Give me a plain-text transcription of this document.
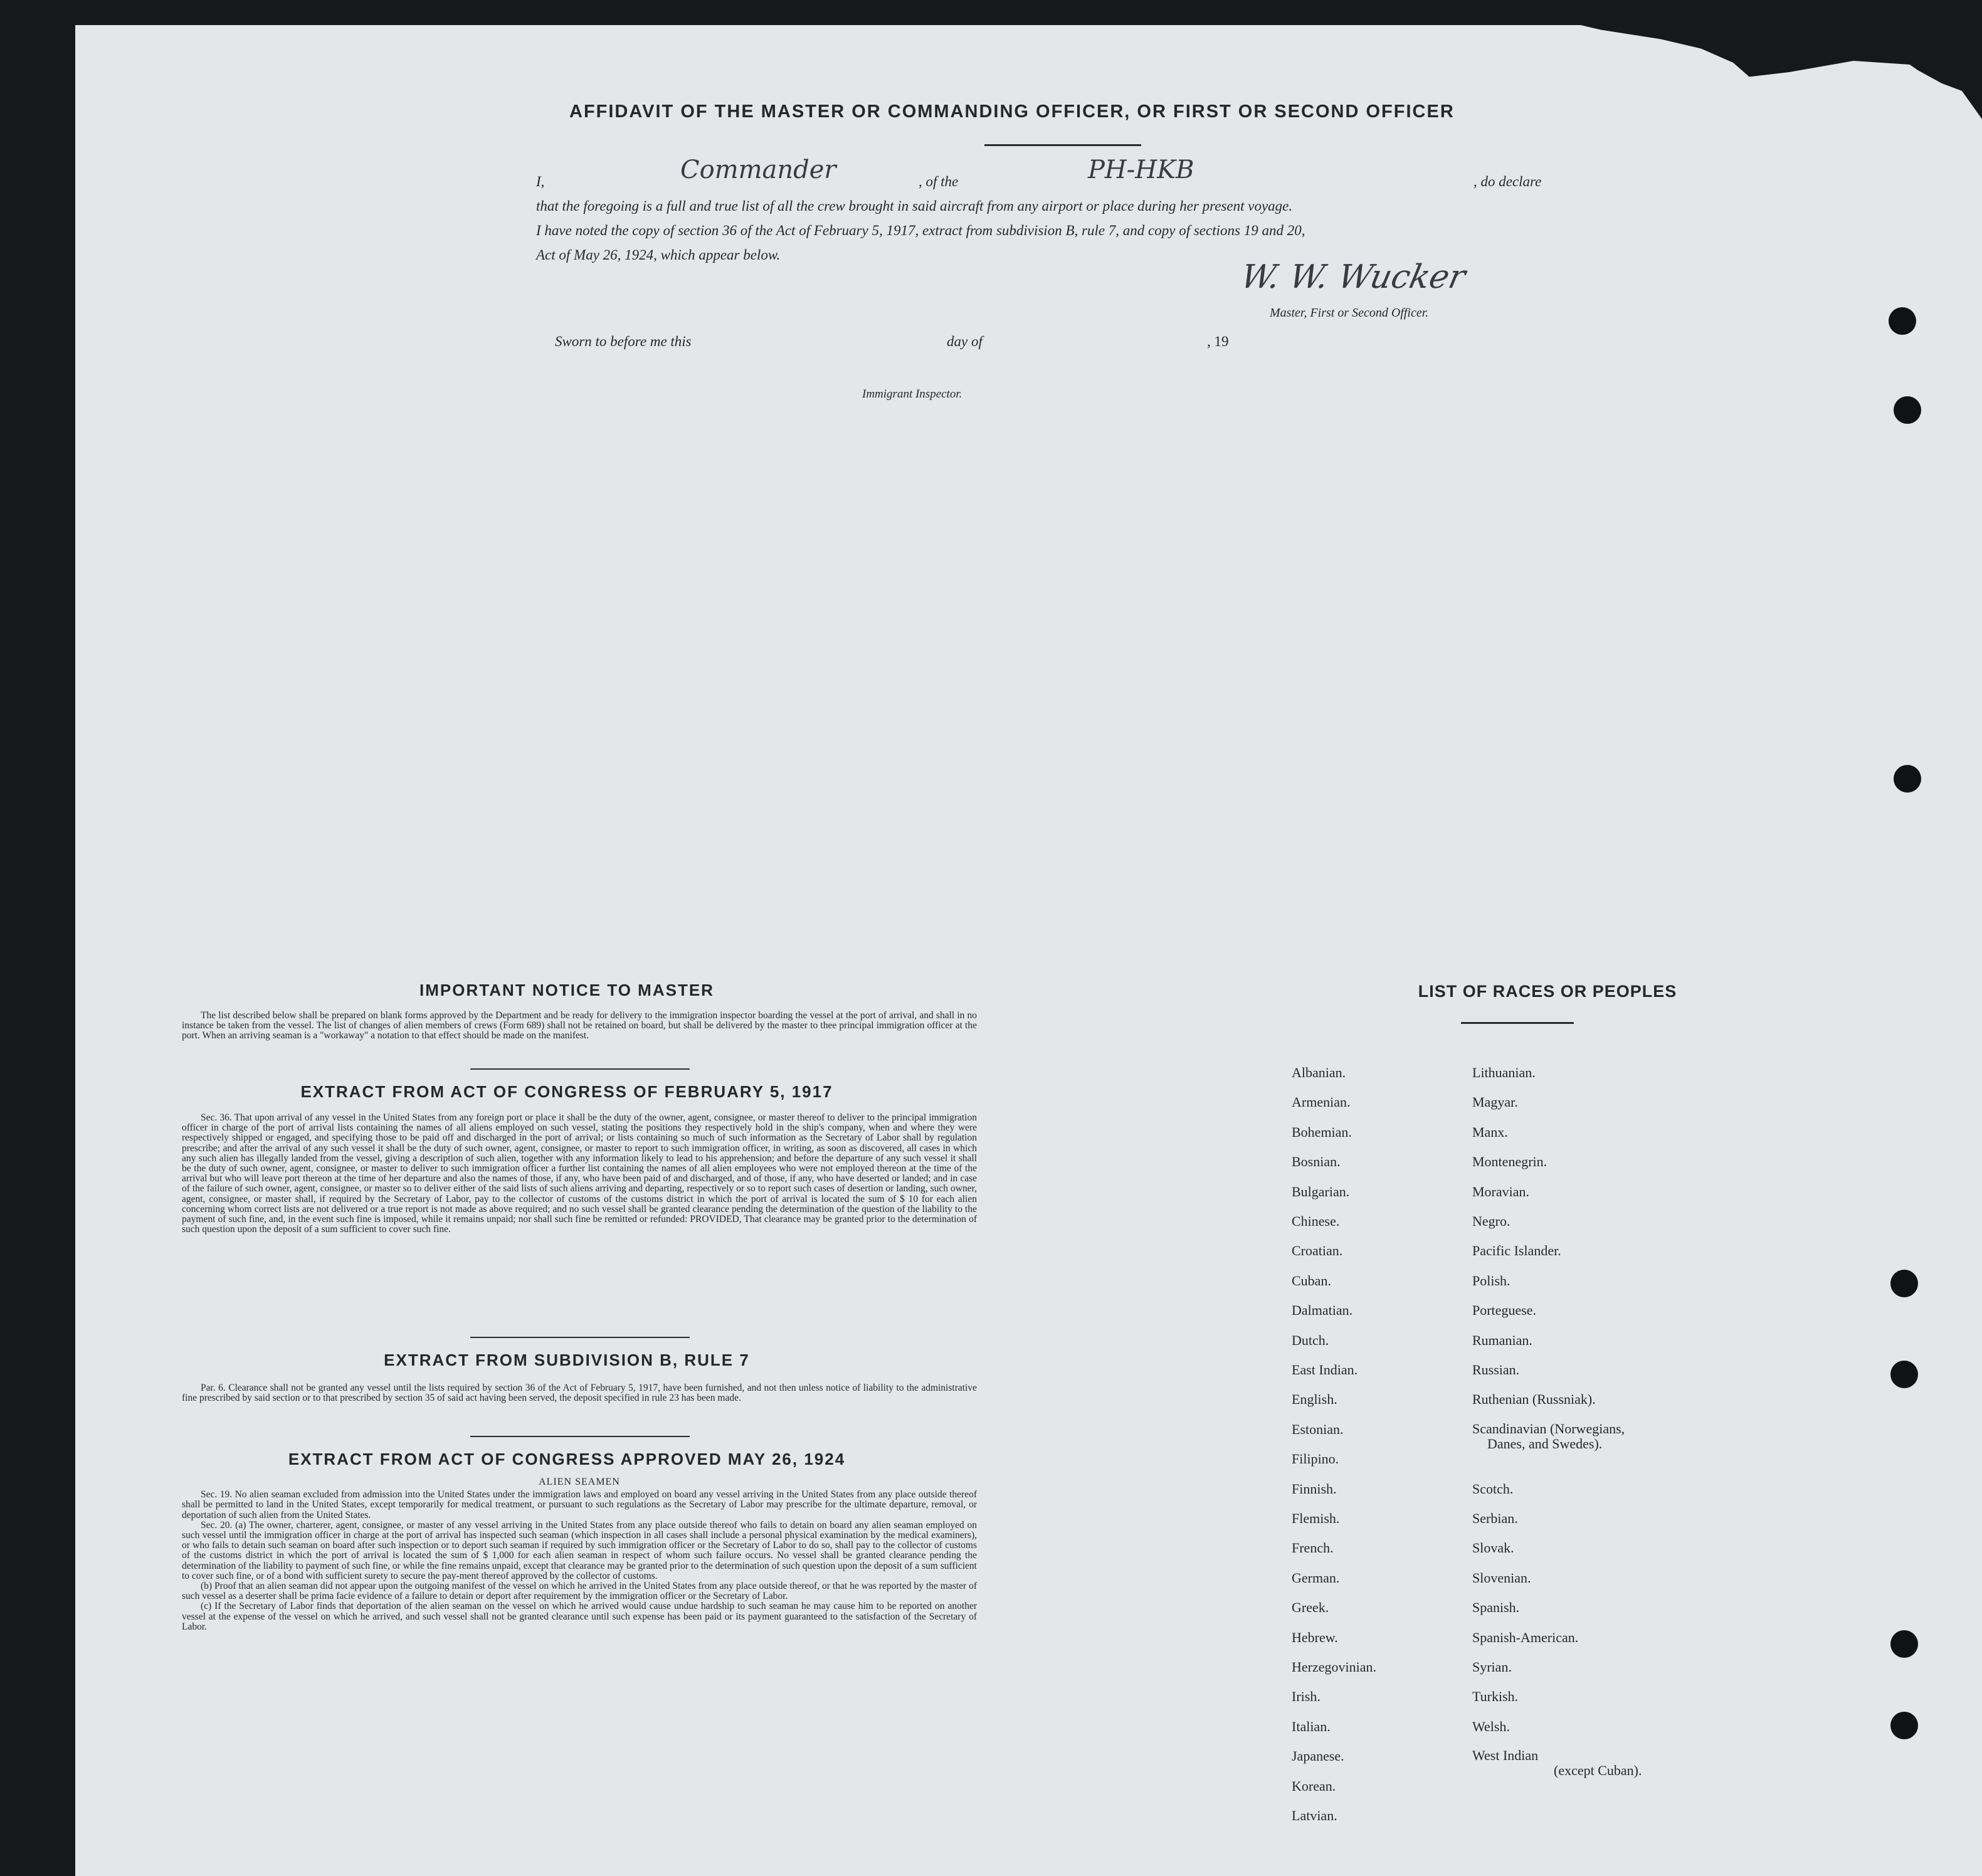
AFFIDAVIT OF THE MASTER OR COMMANDING OFFICER, OR FIRST OR SECOND OFFICER
I,	Commander	, of the	PH-HKB	, do declare
that the foregoing is a full and true list of all the crew brought in said aircraft from any airport or place during her present voyage.
I have noted the copy of section 36 of the Act of February 5, 1917, extract from subdivision B, rule 7, and copy of sections 19 and 20,
Act of May 26, 1924, which appear below.
W. W. Wucker
Master, First or Second Officer.
Sworn to before me this	day of	, 19
Immigrant Inspector.
IMPORTANT NOTICE TO MASTER

The list described below shall be prepared on blank forms approved by the Department and be ready for delivery to the immigration inspector boarding the vessel at the port of arrival, and shall in no instance be taken from the vessel. The list of changes of alien members of crews (Form 689) shall not be retained on board, but shall be delivered by the master to thee principal immigration officer at the port. When an arriving seaman is a "workaway" a notation to that effect should be made on the manifest.

EXTRACT FROM ACT OF CONGRESS OF FEBRUARY 5, 1917

Sec. 36. That upon arrival of any vessel in the United States from any foreign port or place it shall be the duty of the owner, agent, consignee, or master thereof to deliver to the principal immigration officer in charge of the port of arrival lists containing the names of all aliens employed on such vessel, stating the positions they respectively hold in the ship's company, when and where they were respectively shipped or engaged, and specifying those to be paid off and discharged in the port of arrival; or lists containing so much of such information as the Secretary of Labor shall by regulation prescribe; and after the arrival of any such vessel it shall be the duty of such owner, agent, consignee, or master to report to such immigration officer, in writing, as soon as discovered, all cases in which any such alien has illegally landed from the vessel, giving a description of such alien, together with any information likely to lead to his apprehension; and before the departure of any such vessel it shall be the duty of such owner, agent, consignee, or master to deliver to such immigration officer a further list containing the names of all alien employees who were not employed thereon at the time of the arrival but who will leave port thereon at the time of her departure and also the names of those, if any, who have been paid of and discharged, and of those, if any, who have deserted or landed; and in case of the failure of such owner, agent, consignee, or master so to deliver either of the said lists of such aliens arriving and departing, respectively or so to report such cases of desertion or landing, such owner, agent, consignee, or master shall, if required by the Secretary of Labor, pay to the collector of customs of the customs district in which the port of arrival is located the sum of $ 10 for each alien concerning whom correct lists are not delivered or a true report is not made as above required; and no such vessel shall be granted clearance pending the determination of the question of the liability to the payment of such fine, and, in the event such fine is imposed, while it remains unpaid; nor shall such fine be remitted or refunded: PROVIDED, That clearance may be granted prior to the determination of such question upon the deposit of a sum sufficient to cover such fine.

EXTRACT FROM SUBDIVISION B, RULE 7

Par. 6. Clearance shall not be granted any vessel until the lists required by section 36 of the Act of February 5, 1917, have been furnished, and not then unless notice of liability to the administrative fine prescribed by said section or to that prescribed by section 35 of said act having been served, the deposit specified in rule 23 has been made.

EXTRACT FROM ACT OF CONGRESS APPROVED MAY 26, 1924
ALIEN SEAMEN

Sec. 19. No alien seaman excluded from admission into the United States under the immigration laws and employed on board any vessel arriving in the United States from any place outside thereof shall be permitted to land in the United States, except temporarily for medical treatment, or pursuant to such regulations as the Secretary of Labor may prescribe for the ultimate departure, removal, or deportation of such alien from the United States.

Sec. 20. (a) The owner, charterer, agent, consignee, or master of any vessel arriving in the United States from any place outside thereof who fails to detain on board any alien seaman employed on such vessel until the immigration officer in charge at the port of arrival has inspected such seaman (which inspection in all cases shall include a personal physical examination by the medical examiners), or who fails to detain such seaman on board after such inspection or to deport such seaman if required by such immigration officer or the Secretary of Labor to do so, shall pay to the collector of customs of the customs district in which the port of arrival is located the sum of $ 1,000 for each alien seaman in respect of whom such failure occurs. No vessel shall be granted clearance pending the determination of the liability to payment of such fine, or while the fine remains unpaid, except that clearance may be granted prior to the determination of such question upon the deposit of a sum sufficient to cover such fine, or of a bond with sufficient surety to secure the pay-ment thereof approved by the collector of customs.

(b) Proof that an alien seaman did not appear upon the outgoing manifest of the vessel on which he arrived in the United States from any place outside thereof, or that he was reported by the master of such vessel as a deserter shall be prima facie evidence of a failure to detain or deport after requirement by the immigration officer or the Secretary of Labor.

(c) If the Secretary of Labor finds that deportation of the alien seaman on the vessel on which he arrived would cause undue hardship to such seaman he may cause him to be reported on another vessel at the expense of the vessel on which he arrived, and such vessel shall not be granted clearance until such expense has been paid or its payment guaranteed to the satisfaction of the Secretary of Labor.

LIST OF RACES OR PEOPLES
Albanian.
Armenian.
Bohemian.
Bosnian.
Bulgarian.
Chinese.
Croatian.
Cuban.
Dalmatian.
Dutch.
East Indian.
English.
Estonian.
Filipino.
Finnish.
Flemish.
French.
German.
Greek.
Hebrew.
Herzegovinian.
Irish.
Italian.
Japanese.
Korean.
Latvian.
Lithuanian.
Magyar.
Manx.
Montenegrin.
Moravian.
Negro.
Pacific Islander.
Polish.
Porteguese.
Rumanian.
Russian.
Ruthenian (Russniak).
Scandinavian (Norwegians,
Danes, and Swedes).
Scotch.
Serbian.
Slovak.
Slovenian.
Spanish.
Spanish-American.
Syrian.
Turkish.
Welsh.
West Indian
(except Cuban).
